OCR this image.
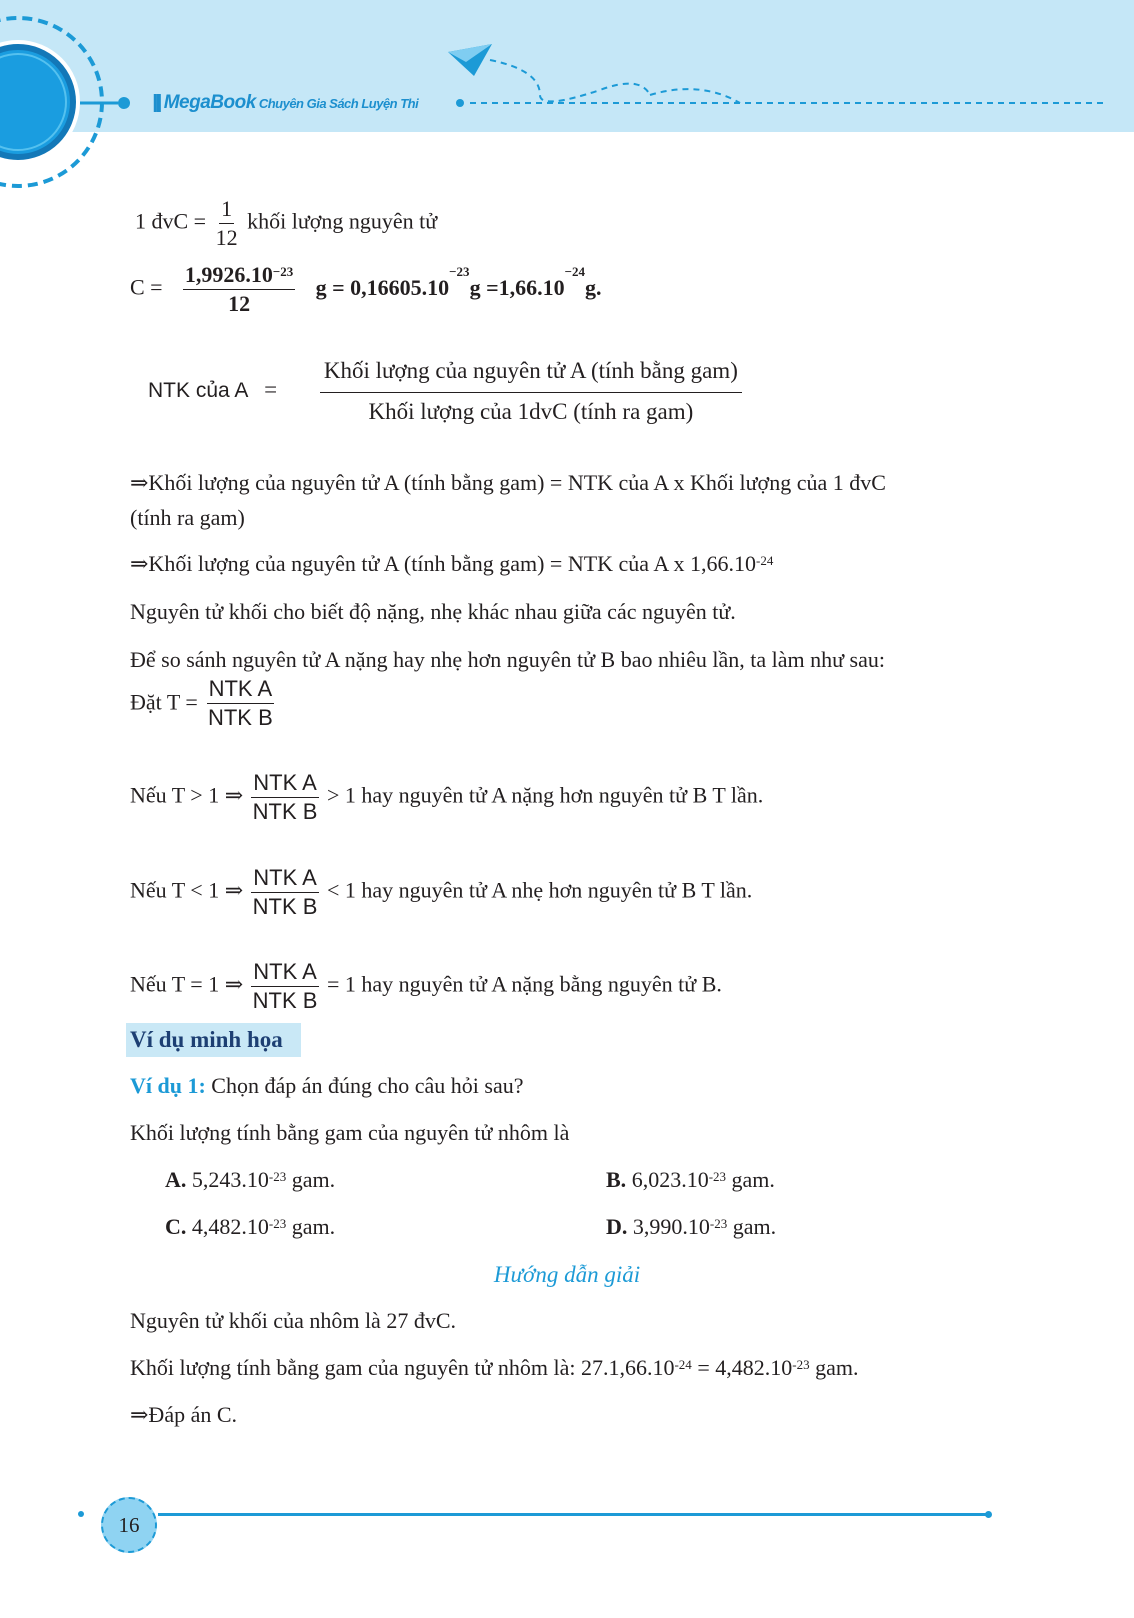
||| MegaBook Chuyên Gia Sách Luyện Thi
1 đvC = $\frac{1}{12}$ khối lượng nguyên tử
$C = \frac{1,9926.10^{-23}}{12}$ $g = 0,16605.10^{-23}g =1,66.10^{-24}g$.
NTK của $A = \frac{\text{Khối lượng của nguyên tử A (tính bằng gam)}}{\text{Khối lượng của 1dvC (tính ra gam)}}$
⇒Khối lượng của nguyên tử A (tính bằng gam) = NTK của A x Khối lượng của 1 đvC
(tính ra gam)
⇒Khối lượng của nguyên tử A (tính bằng gam) = NTK của A x $1,66.10^{-24}$
Nguyên tử khối cho biết độ nặng, nhẹ khác nhau giữa các nguyên tử.
Để so sánh nguyên tử A nặng hay nhẹ hơn nguyên tử B bao nhiêu lần, ta làm như sau:
Đặt $T = \frac{\text{NTK A}}{\text{NTK B}}$
Nếu T > 1 ⇒ $\frac{\text{NTK A}}{\text{NTK B}} > 1$ hay nguyên tử A nặng hơn nguyên tử B T lần.
Nếu T < 1 ⇒ $\frac{\text{NTK A}}{\text{NTK B}} < 1$ hay nguyên tử A nhẹ hơn nguyên tử B T lần.
Nếu T = 1 ⇒ $\frac{\text{NTK A}}{\text{NTK B}} = 1$ hay nguyên tử A nặng bằng nguyên tử B.
Ví dụ minh họa
Ví dụ 1: Chọn đáp án đúng cho câu hỏi sau?
Khối lượng tính bằng gam của nguyên tử nhôm là
A. $5,243.10^{-23}$ gam.	B. $6,023.10^{-23}$ gam.
C. $4,482.10^{-23}$ gam.	D. $3,990.10^{-23}$ gam.
Hướng dẫn giải
Nguyên tử khối của nhôm là 27 đvC.
Khối lượng tính bằng gam của nguyên tử nhôm là: $27.1,66.10^{-24} = 4,482.10^{-23}$ gam.
⇒Đáp án C.
16
